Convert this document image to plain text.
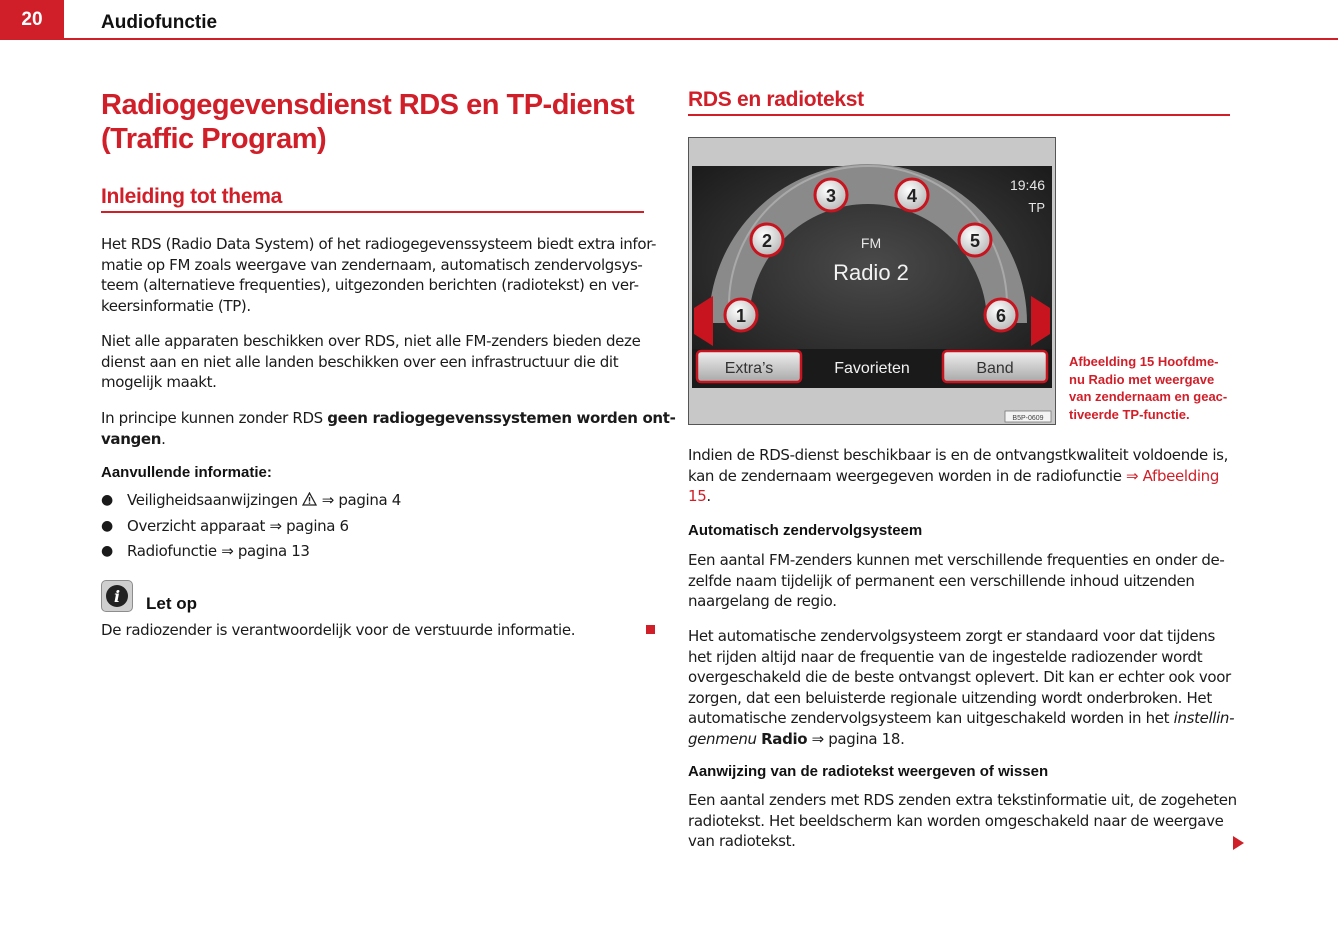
20	Audiofunctie
Radiogegevensdienst RDS en TP-dienst
(Traffic Program)
Inleiding tot thema
Het RDS (Radio Data System) of het radiogegevenssysteem biedt extra infor-
matie op FM zoals weergave van zendernaam, automatisch zendervolgsys-
teem (alternatieve frequenties), uitgezonden berichten (radiotekst) en ver-
keersinformatie (TP).
Niet alle apparaten beschikken over RDS, niet alle FM-zenders bieden deze
dienst aan en niet alle landen beschikken over een infrastructuur die dit
mogelijk maakt.
In principe kunnen zonder RDS geen radiogegevenssystemen worden ont-
vangen.
Aanvullende informatie:
● Veiligheidsaanwijzingen ⇒ pagina 4
● Overzicht apparaat ⇒ pagina 6
● Radiofunctie ⇒ pagina 13
i	Let op
De radiozender is verantwoordelijk voor de verstuurde informatie.
RDS en radiotekst
1
2
3	4
5
6
19:46
TP
FM
Radio 2
Extra’s	Favorieten	Band
B5P-0609
Afbeelding 15 Hoofdme-
nu Radio met weergave
van zendernaam en geac-
tiveerde TP-functie.
Indien de RDS-dienst beschikbaar is en de ontvangstkwaliteit voldoende is,
kan de zendernaam weergegeven worden in de radiofunctie ⇒ Afbeelding
15.
Automatisch zendervolgsysteem
Een aantal FM-zenders kunnen met verschillende frequenties en onder de-
zelfde naam tijdelijk of permanent een verschillende inhoud uitzenden
naargelang de regio.
Het automatische zendervolgsysteem zorgt er standaard voor dat tijdens
het rijden altijd naar de frequentie van de ingestelde radiozender wordt
overgeschakeld die de beste ontvangst oplevert. Dit kan er echter ook voor
zorgen, dat een beluisterde regionale uitzending wordt onderbroken. Het
automatische zendervolgsysteem kan uitgeschakeld worden in het instellin-
genmenu Radio ⇒ pagina 18.
Aanwijzing van de radiotekst weergeven of wissen
Een aantal zenders met RDS zenden extra tekstinformatie uit, de zogeheten
radiotekst. Het beeldscherm kan worden omgeschakeld naar de weergave
van radiotekst.
